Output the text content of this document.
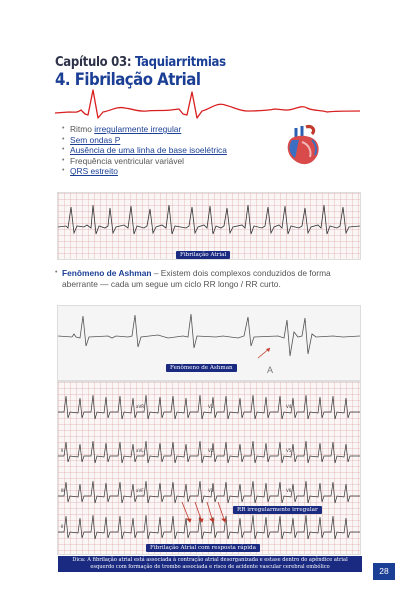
Capítulo 03: Taquiarritmias
4. Fibrilação Atrial
• Ritmo irregularmente irregular
• Sem ondas P
• Ausência de uma linha de base isoelétrica
• Frequência ventricular variável
• QRS estreito
Fibrilação Atrial
• Fenômeno de Ashman – Existem dois complexos conduzidos de forma aberrante — cada um segue um ciclo RR longo / RR curto.
Fenômeno de Ashman	A
aVR	V1	V4
II	aVL	V2	V5
III	aVF	V3	V6
II
RR irregularmente irregular
Fibrilação Atrial com resposta rápida
Dica: A fibrilação atrial está associada à contração atrial desorganizada e estase dentro do apêndice atrial esquerdo com formação de trombo associada e risco de acidente vascular cerebral embólico	28
